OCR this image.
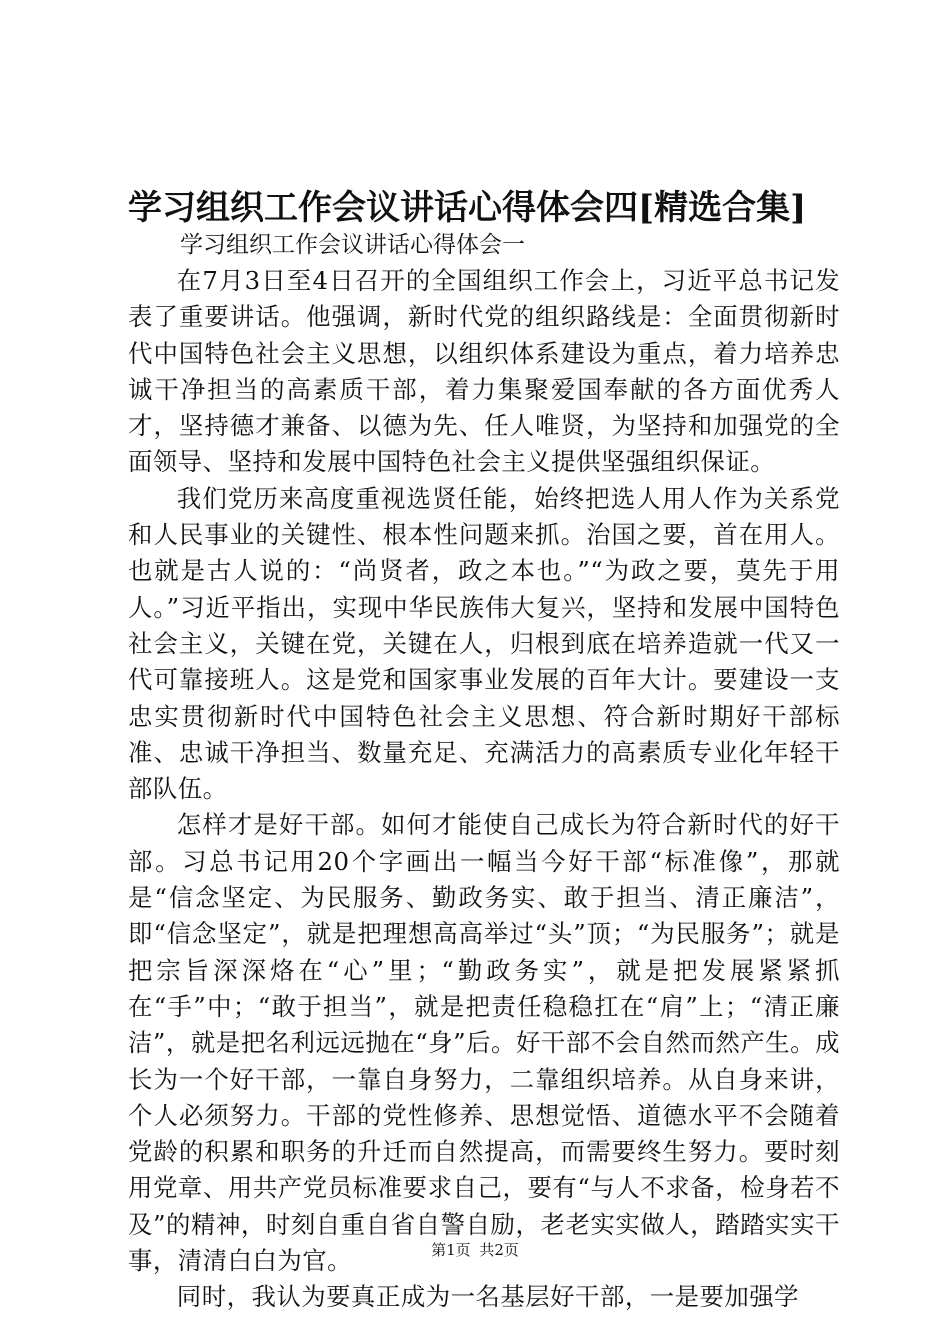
学习组织工作会议讲话心得体会四[精选合集]

学习组织工作会议讲话心得体会一

在7月3日至4日召开的全国组织工作会上，习近平总书记发表了重要讲话。他强调，新时代党的组织路线是：全面贯彻新时代中国特色社会主义思想，以组织体系建设为重点，着力培养忠诚干净担当的高素质干部，着力集聚爱国奉献的各方面优秀人才，坚持德才兼备、以德为先、任人唯贤，为坚持和加强党的全面领导、坚持和发展中国特色社会主义提供坚强组织保证。

我们党历来高度重视选贤任能，始终把选人用人作为关系党和人民事业的关键性、根本性问题来抓。治国之要，首在用人。也就是古人说的：“尚贤者，政之本也。”“为政之要，莫先于用人。”习近平指出，实现中华民族伟大复兴，坚持和发展中国特色社会主义，关键在党，关键在人，归根到底在培养造就一代又一代可靠接班人。这是党和国家事业发展的百年大计。要建设一支忠实贯彻新时代中国特色社会主义思想、符合新时期好干部标准、忠诚干净担当、数量充足、充满活力的高素质专业化年轻干部队伍。

怎样才是好干部。如何才能使自己成长为符合新时代的好干部。习总书记用20个字画出一幅当今好干部“标准像”，那就是“信念坚定、为民服务、勤政务实、敢于担当、清正廉洁”，即“信念坚定”，就是把理想高高举过“头”顶；“为民服务”；就是把宗旨深深烙在“心”里；“勤政务实”，就是把发展紧紧抓在“手”中；“敢于担当”，就是把责任稳稳扛在“肩”上；“清正廉洁”，就是把名利远远抛在“身”后。好干部不会自然而然产生。成长为一个好干部，一靠自身努力，二靠组织培养。从自身来讲，个人必须努力。干部的党性修养、思想觉悟、道德水平不会随着党龄的积累和职务的升迁而自然提高，而需要终生努力。要时刻用党章、用共产党员标准要求自己，要有“与人不求备，检身若不及”的精神，时刻自重自省自警自励，老老实实做人，踏踏实实干事，清清白白为官。

同时，我认为要真正成为一名基层好干部，一是要加强学

第1页 共2页
